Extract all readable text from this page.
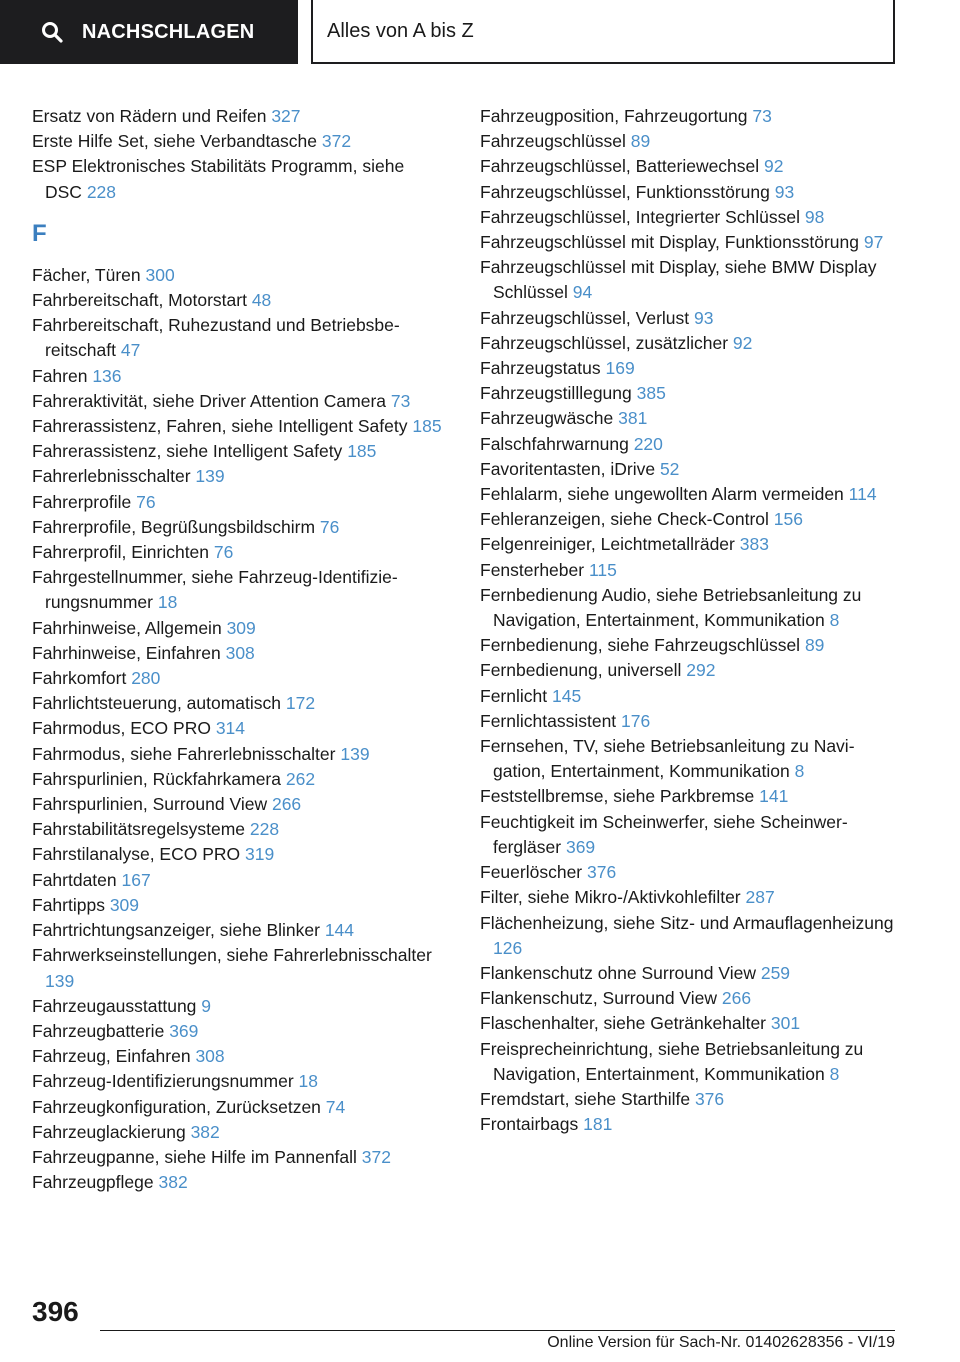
NACHSCHLAGEN	Alles von A bis Z
Ersatz von Rädern und Reifen 327
Erste Hilfe Set, siehe Verbandtasche 372
ESP Elektronisches Stabilitäts Programm, siehe DSC 228
F
Fächer, Türen 300
Fahrbereitschaft, Motorstart 48
Fahrbereitschaft, Ruhezustand und Betriebsbereitschaft 47
Fahren 136
Fahreraktivität, siehe Driver Attention Camera 73
Fahrerassistenz, Fahren, siehe Intelligent Safety 185
Fahrerassistenz, siehe Intelligent Safety 185
Fahrerlebnisschalter 139
Fahrerprofile 76
Fahrerprofile, Begrüßungsbildschirm 76
Fahrerprofil, Einrichten 76
Fahrgestellnummer, siehe Fahrzeug-Identifizierungsnummer 18
Fahrhinweise, Allgemein 309
Fahrhinweise, Einfahren 308
Fahrkomfort 280
Fahrlichtsteuerung, automatisch 172
Fahrmodus, ECO PRO 314
Fahrmodus, siehe Fahrerlebnisschalter 139
Fahrspurlinien, Rückfahrkamera 262
Fahrspurlinien, Surround View 266
Fahrstabilitätsregelsysteme 228
Fahrstilanalyse, ECO PRO 319
Fahrtdaten 167
Fahrtipps 309
Fahrtrichtungsanzeiger, siehe Blinker 144
Fahrwerkseinstellungen, siehe Fahrerlebnisschalter 139
Fahrzeugausstattung 9
Fahrzeugbatterie 369
Fahrzeug, Einfahren 308
Fahrzeug-Identifizierungsnummer 18
Fahrzeugkonfiguration, Zurücksetzen 74
Fahrzeuglackierung 382
Fahrzeugpanne, siehe Hilfe im Pannenfall 372
Fahrzeugpflege 382
Fahrzeugposition, Fahrzeugortung 73
Fahrzeugschlüssel 89
Fahrzeugschlüssel, Batteriewechsel 92
Fahrzeugschlüssel, Funktionsstörung 93
Fahrzeugschlüssel, Integrierter Schlüssel 98
Fahrzeugschlüssel mit Display, Funktionsstörung 97
Fahrzeugschlüssel mit Display, siehe BMW Display Schlüssel 94
Fahrzeugschlüssel, Verlust 93
Fahrzeugschlüssel, zusätzlicher 92
Fahrzeugstatus 169
Fahrzeugstilllegung 385
Fahrzeugwäsche 381
Falschfahrwarnung 220
Favoritentasten, iDrive 52
Fehlalarm, siehe ungewollten Alarm vermeiden 114
Fehleranzeigen, siehe Check-Control 156
Felgenreiniger, Leichtmetallräder 383
Fensterheber 115
Fernbedienung Audio, siehe Betriebsanleitung zu Navigation, Entertainment, Kommunikation 8
Fernbedienung, siehe Fahrzeugschlüssel 89
Fernbedienung, universell 292
Fernlicht 145
Fernlichtassistent 176
Fernsehen, TV, siehe Betriebsanleitung zu Navigation, Entertainment, Kommunikation 8
Feststellbremse, siehe Parkbremse 141
Feuchtigkeit im Scheinwerfer, siehe Scheinwerfergläser 369
Feuerlöscher 376
Filter, siehe Mikro-/Aktivkohlefilter 287
Flächenheizung, siehe Sitz- und Armauflagenheizung 126
Flankenschutz ohne Surround View 259
Flankenschutz, Surround View 266
Flaschenhalter, siehe Getränkehalter 301
Freisprecheinrichtung, siehe Betriebsanleitung zu Navigation, Entertainment, Kommunikation 8
Fremdstart, siehe Starthilfe 376
Frontairbags 181
396
Online Version für Sach-Nr. 01402628356 - VI/19
